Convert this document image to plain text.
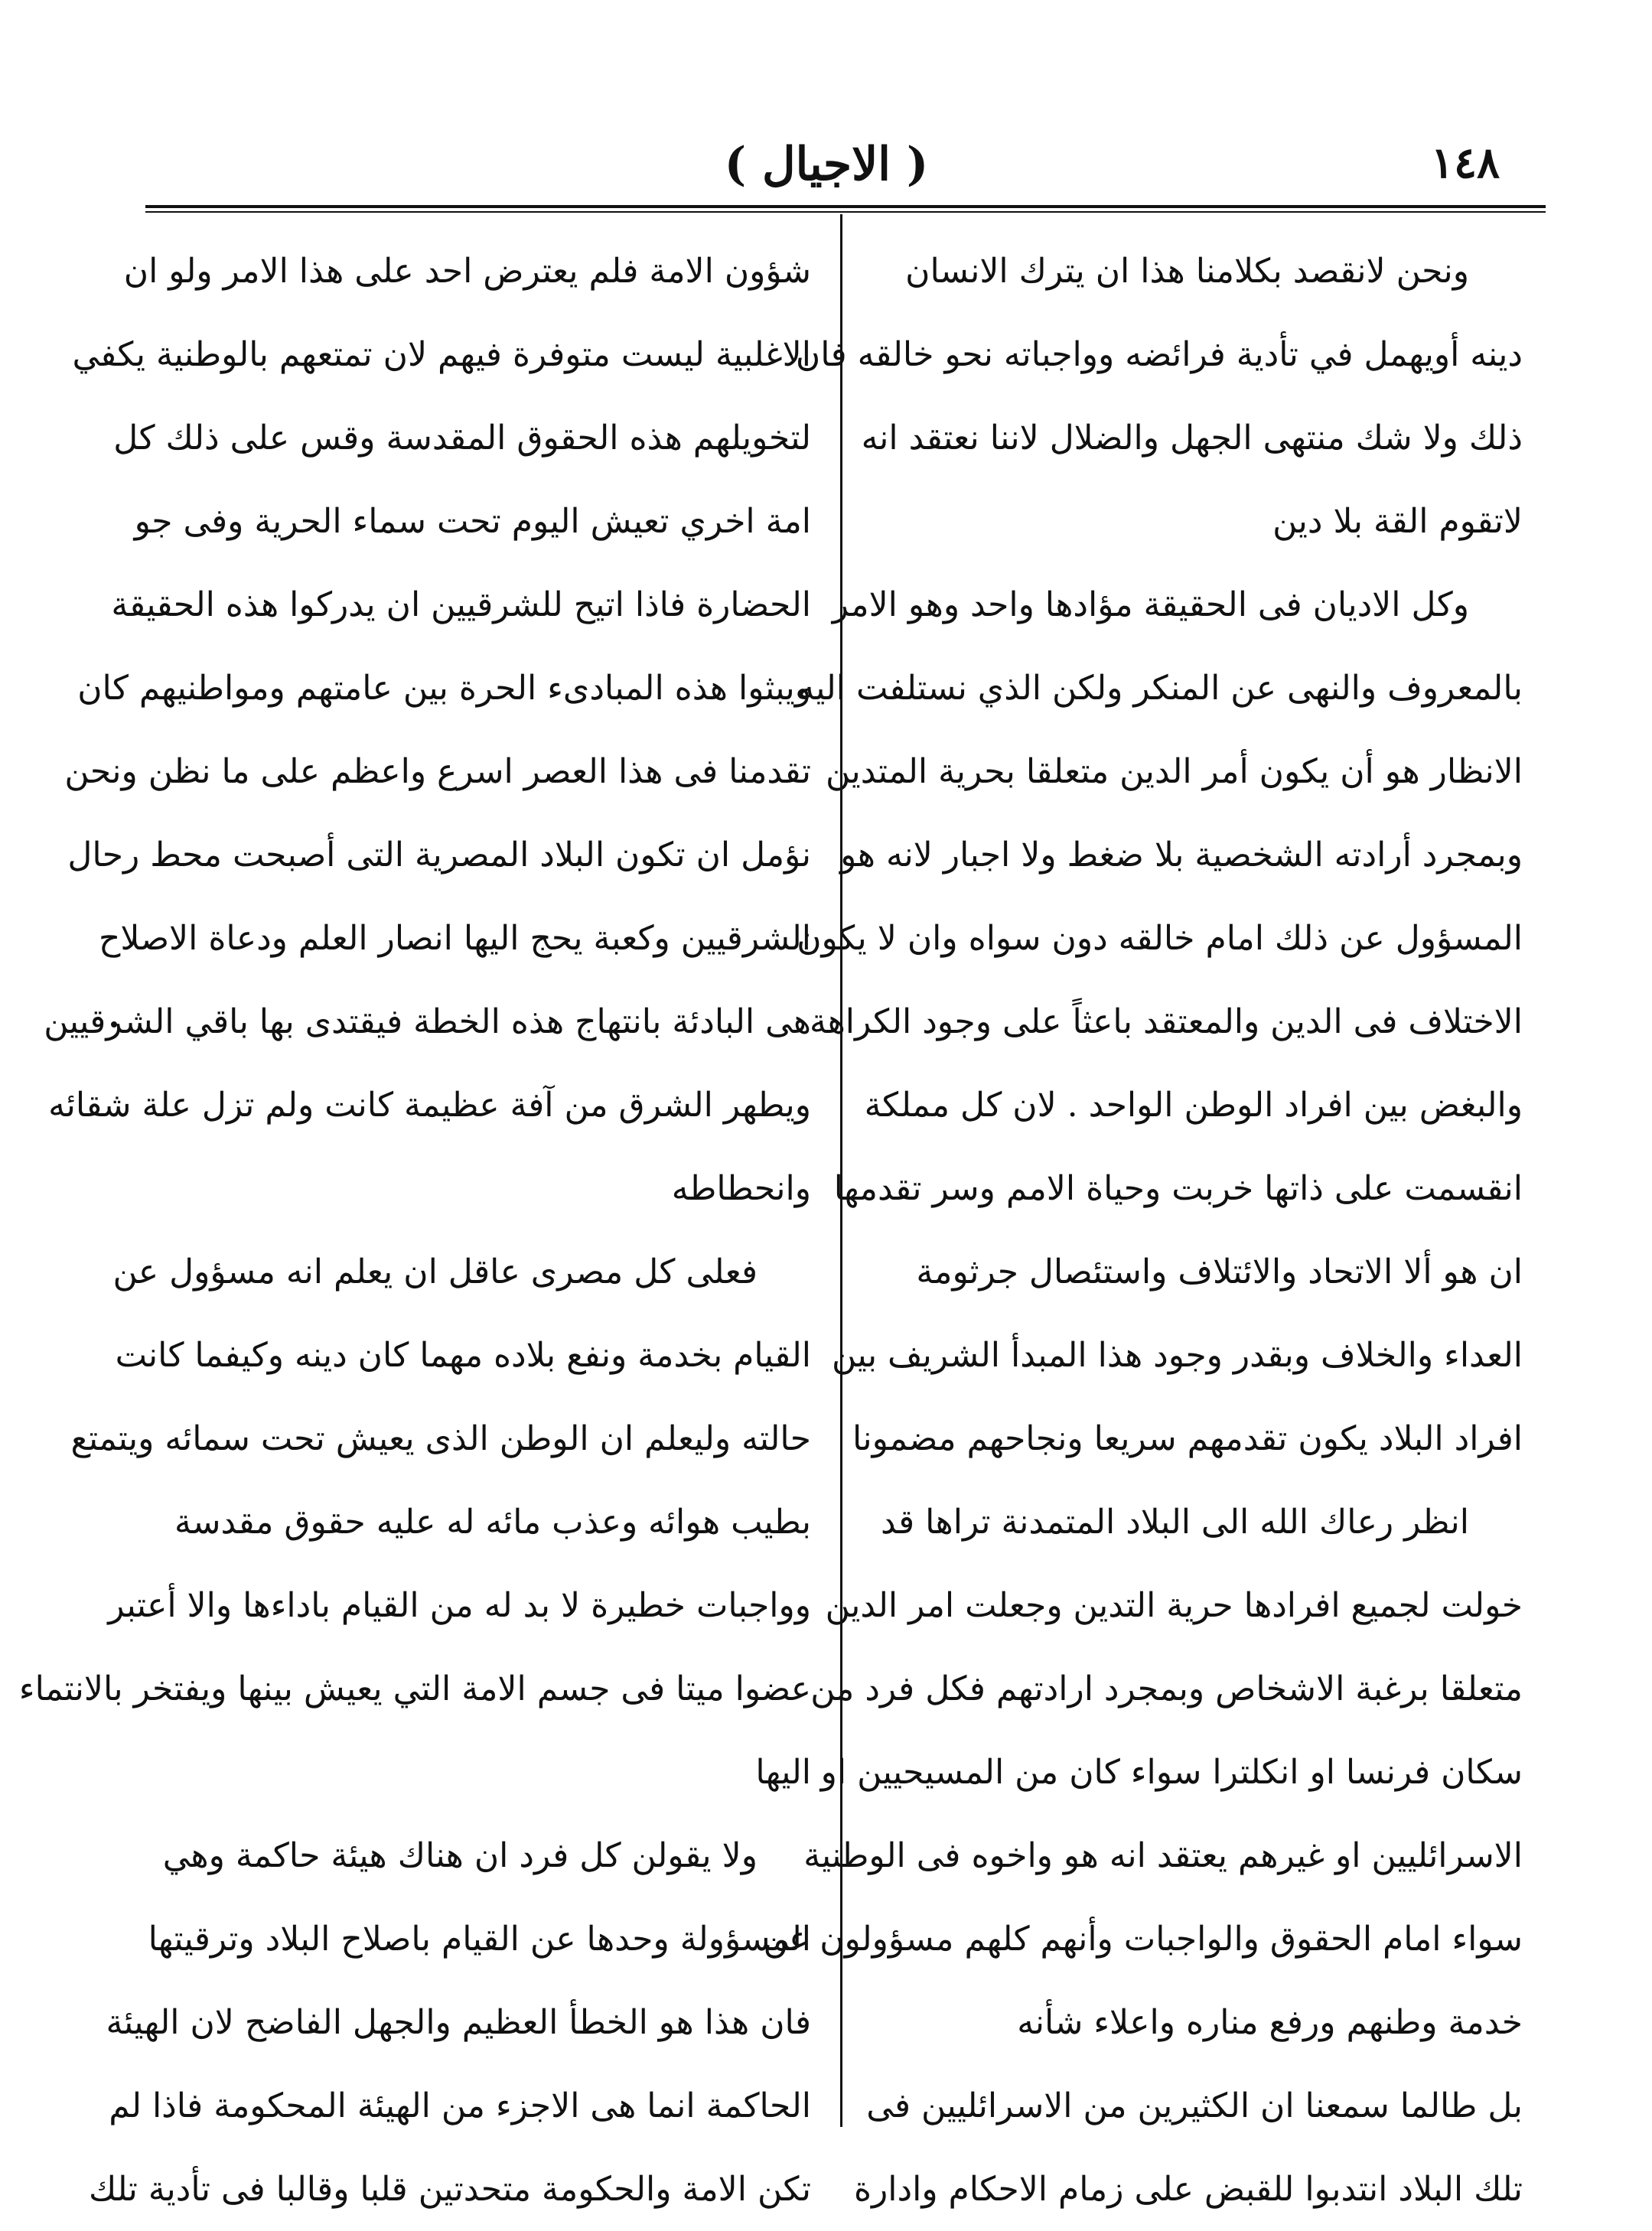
١٤٨
( الاجيال )
ونحن لانقصد بكلامنا هذا ان يترك الانسان
دينه أويهمل في تأدية فرائضه وواجباته نحو خالقه فان
ذلك ولا شك منتهى الجهل والضلال لاننا نعتقد انه
لاتقوم القة بلا دين
وكل الاديان فى الحقيقة مؤادها واحد وهو الامر
بالمعروف والنهى عن المنكر ولكن الذي نستلفت اليه
الانظار هو أن يكون أمر الدين متعلقا بحرية المتدين
وبمجرد أرادته الشخصية بلا ضغط ولا اجبار لانه هو
المسؤول عن ذلك امام خالقه دون سواه وان لا يكون
الاختلاف فى الدين والمعتقد باعثاً على وجود الكراهة
والبغض بين افراد الوطن الواحد . لان كل مملكة
انقسمت على ذاتها خربت وحياة الامم وسر تقدمها
ان هو ألا الاتحاد والائتلاف واستئصال جرثومة
العداء والخلاف وبقدر وجود هذا المبدأ الشريف بين
افراد البلاد يكون تقدمهم سريعا ونجاحهم مضمونا
انظر رعاك الله الى البلاد المتمدنة تراها قد
خولت لجميع افرادها حرية التدين وجعلت امر الدين
متعلقا برغبة الاشخاص وبمجرد ارادتهم فكل فرد من
سكان فرنسا او انكلترا سواء كان من المسيحيين او
الاسرائليين او غيرهم يعتقد انه هو واخوه فى الوطنية
سواء امام الحقوق والواجبات وأنهم كلهم مسؤولون عن
خدمة وطنهم ورفع مناره واعلاء شأنه
بل طالما سمعنا ان الكثيرين من الاسرائليين فى
تلك البلاد انتدبوا للقبض على زمام الاحكام وادارة
شؤون الامة فلم يعترض احد على هذا الامر ولو ان
الاغلبية ليست متوفرة فيهم لان تمتعهم بالوطنية يكفي
لتخويلهم هذه الحقوق المقدسة وقس على ذلك كل
امة اخري تعيش اليوم تحت سماء الحرية وفى جو
الحضارة فاذا اتيح للشرقيين ان يدركوا هذه الحقيقة
ويبثوا هذه المبادىء الحرة بين عامتهم ومواطنيهم كان
تقدمنا فى هذا العصر اسرع واعظم على ما نظن ونحن
نؤمل ان تكون البلاد المصرية التى أصبحت محط رحال
الشرقيين وكعبة يحج اليها انصار العلم ودعاة الاصلاح
هى البادئة بانتهاج هذه الخطة فيقتدى بها باقي الشرقيين
ويطهر الشرق من آفة عظيمة كانت ولم تزل علة شقائه
وانحطاطه
فعلى كل مصرى عاقل ان يعلم انه مسؤول عن
القيام بخدمة ونفع بلاده مهما كان دينه وكيفما كانت
حالته وليعلم ان الوطن الذى يعيش تحت سمائه ويتمتع
بطيب هوائه وعذب مائه له عليه حقوق مقدسة
وواجبات خطيرة لا بد له من القيام باداءها والا أعتبر
عضوا ميتا فى جسم الامة التي يعيش بينها ويفتخر بالانتماء
اليها
ولا يقولن كل فرد ان هناك هيئة حاكمة وهي
المسؤولة وحدها عن القيام باصلاح البلاد وترقيتها
فان هذا هو الخطأ العظيم والجهل الفاضح لان الهيئة
الحاكمة انما هى الاجزء من الهيئة المحكومة فاذا لم
تكن الامة والحكومة متحدتين قلبا وقالبا فى تأدية تلك
